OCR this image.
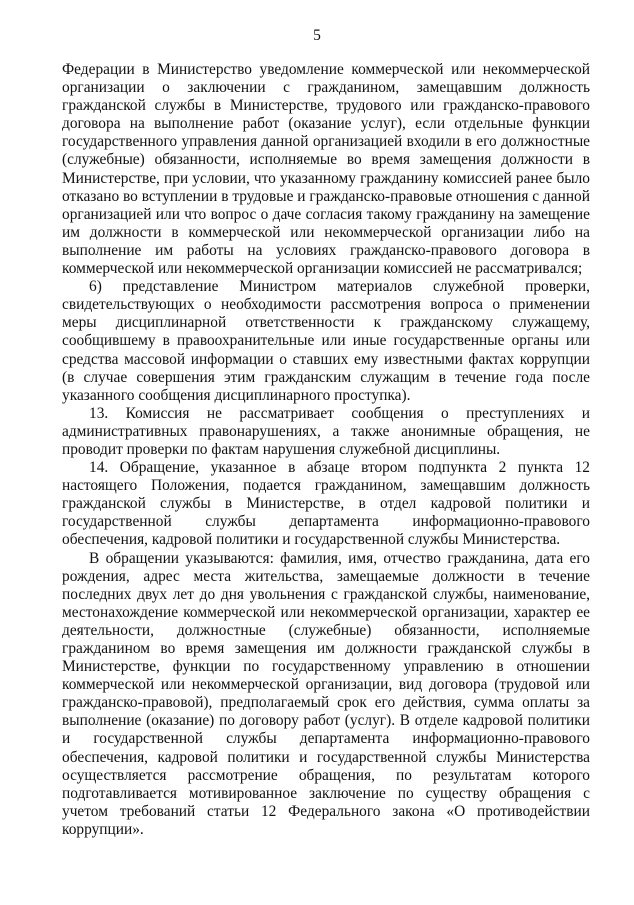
5

Федерации в Министерство уведомление коммерческой или некоммерческой организации о заключении с гражданином, замещавшим должность гражданской службы в Министерстве, трудового или гражданско-правового договора на выполнение работ (оказание услуг), если отдельные функции государственного управления данной организацией входили в его должностные (служебные) обязанности, исполняемые во время замещения должности в Министерстве, при условии, что указанному гражданину комиссией ранее было отказано во вступлении в трудовые и гражданско-правовые отношения с данной организацией или что вопрос о даче согласия такому гражданину на замещение им должности в коммерческой или некоммерческой организации либо на выполнение им работы на условиях гражданско-правового договора в коммерческой или некоммерческой организации комиссией не рассматривался;

6) представление Министром материалов служебной проверки, свидетельствующих о необходимости рассмотрения вопроса о применении меры дисциплинарной ответственности к гражданскому служащему, сообщившему в правоохранительные или иные государственные органы или средства массовой информации о ставших ему известными фактах коррупции (в случае совершения этим гражданским служащим в течение года после указанного сообщения дисциплинарного проступка).

13. Комиссия не рассматривает сообщения о преступлениях и административных правонарушениях, а также анонимные обращения, не проводит проверки по фактам нарушения служебной дисциплины.

14. Обращение, указанное в абзаце втором подпункта 2 пункта 12 настоящего Положения, подается гражданином, замещавшим должность гражданской службы в Министерстве, в отдел кадровой политики и государственной службы департамента информационно-правового обеспечения, кадровой политики и государственной службы Министерства.

В обращении указываются: фамилия, имя, отчество гражданина, дата его рождения, адрес места жительства, замещаемые должности в течение последних двух лет до дня увольнения с гражданской службы, наименование, местонахождение коммерческой или некоммерческой организации, характер ее деятельности, должностные (служебные) обязанности, исполняемые гражданином во время замещения им должности гражданской службы в Министерстве, функции по государственному управлению в отношении коммерческой или некоммерческой организации, вид договора (трудовой или гражданско-правовой), предполагаемый срок его действия, сумма оплаты за выполнение (оказание) по договору работ (услуг). В отделе кадровой политики и государственной службы департамента информационно-правового обеспечения, кадровой политики и государственной службы Министерства осуществляется рассмотрение обращения, по результатам которого подготавливается мотивированное заключение по существу обращения с учетом требований статьи 12 Федерального закона «О противодействии коррупции».
